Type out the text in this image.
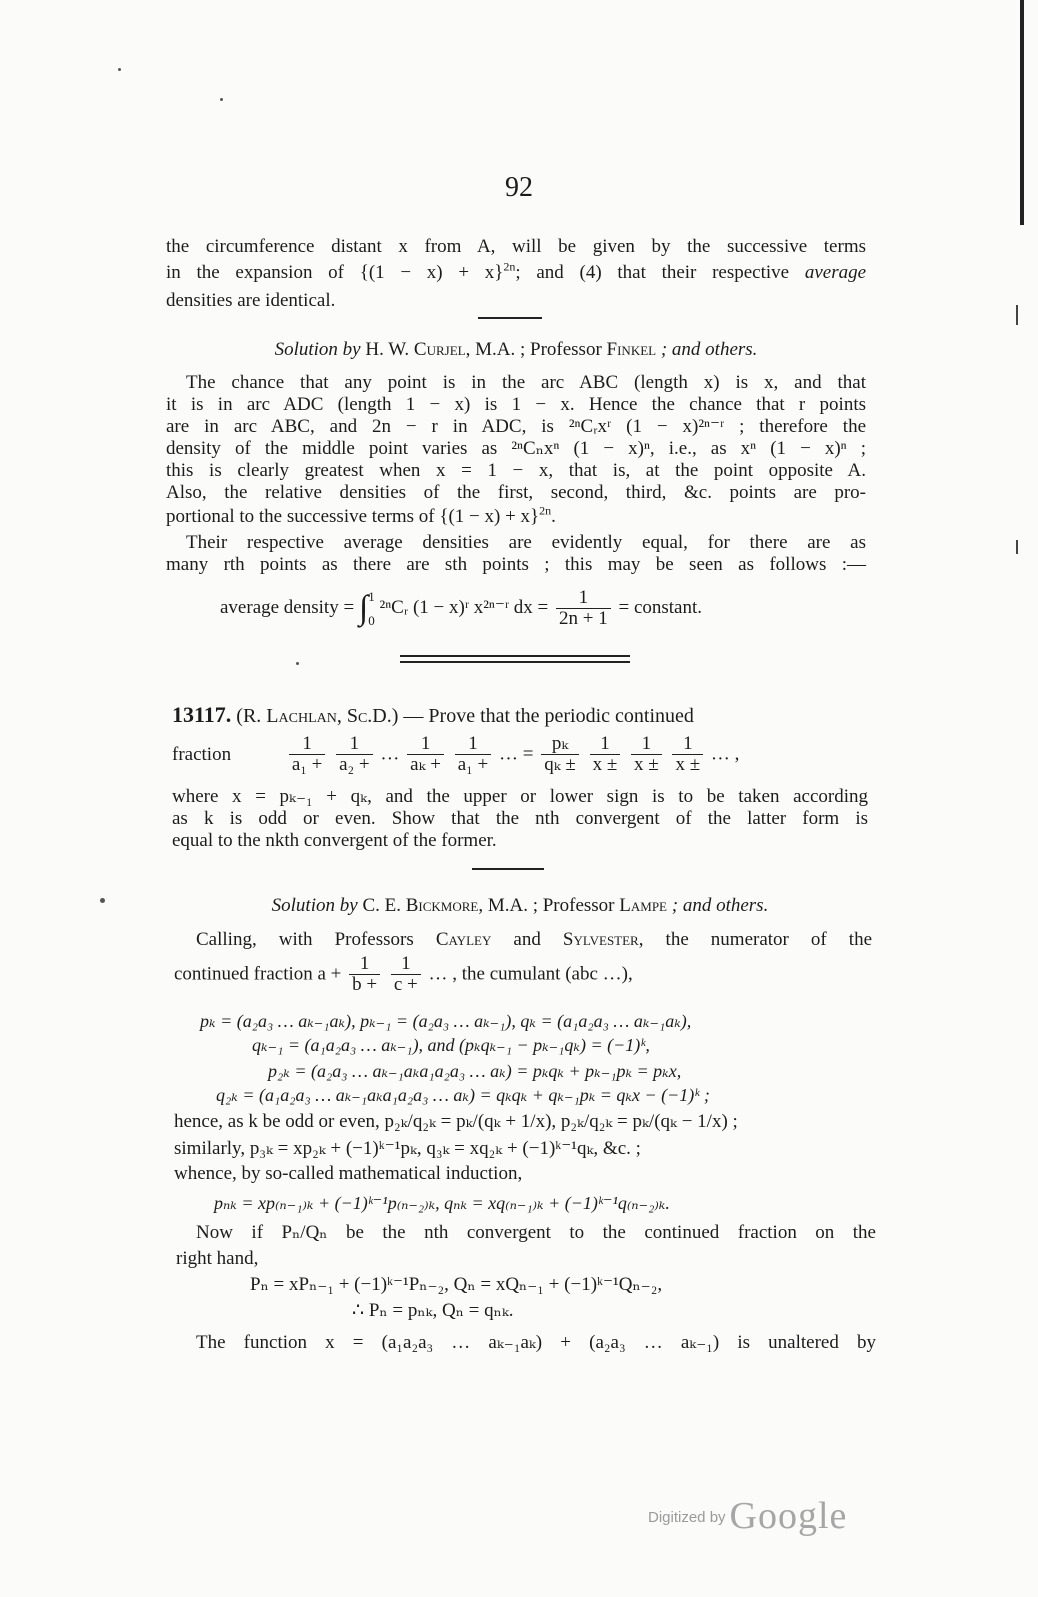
92
the circumference distant x from A, will be given by the successive terms
in the expansion of $\{(1 - x) + x\}^{2n}$; and (4) that their respective average
densities are identical.
Solution by H. W. Curjel, M.A. ; Professor Finkel ; and others.
The chance that any point is in the arc ABC (length x) is x, and that
it is in arc ADC (length 1 − x) is 1 − x. Hence the chance that r points
are in arc ABC, and 2n − r in ADC, is ²ⁿCᵣxʳ (1 − x)²ⁿ⁻ʳ ; therefore the
density of the middle point varies as ²ⁿCₙxⁿ (1 − x)ⁿ, i.e., as xⁿ (1 − x)ⁿ ;
this is clearly greatest when x = 1 − x, that is, at the point opposite A.
Also, the relative densities of the first, second, third, &c. points are pro-
portional to the successive terms of $\{(1 - x) + x\}^{2n}$.
Their respective average densities are evidently equal, for there are as
many rth points as there are sth points ; this may be seen as follows :—
average density = ∫ 1
0
²ⁿCᵣ (1 − x)ʳ x²ⁿ⁻ʳ dx = $\frac{1}{2n + 1}$ = constant.
13117. (R. Lachlan, Sc.D.) — Prove that the periodic continued
fraction	$\frac{1}{\text{a₁ +}}$
$\frac{1}{\text{a₂ +}}$ … $\frac{1}{\text{aₖ +}}$
$\frac{1}{\text{a₁ +}}$ … = $\frac{\text{pₖ}}{\text{qₖ ±}}$
$\frac{1}{x \pm}$
$\frac{1}{x \pm}$
$\frac{1}{x \pm}$ … ,
where x = pₖ₋₁ + qₖ, and the upper or lower sign is to be taken according
as k is odd or even. Show that the nth convergent of the latter form is
equal to the nkth convergent of the former.
Solution by C. E. Bickmore, M.A. ; Professor Lampe ; and others.
Calling, with Professors Cayley and Sylvester, the numerator of the
continued fraction $a + \frac{1}{b +}$
$\frac{1}{c +}$ … , the cumulant (abc …),
pₖ = (a₂a₃ … aₖ₋₁aₖ), pₖ₋₁ = (a₂a₃ … aₖ₋₁), qₖ = (a₁a₂a₃ … aₖ₋₁aₖ),
qₖ₋₁ = (a₁a₂a₃ … aₖ₋₁), and (pₖqₖ₋₁ − pₖ₋₁qₖ) = (−1)ᵏ,
p₂ₖ = (a₂a₃ … aₖ₋₁aₖa₁a₂a₃ … aₖ) = pₖqₖ + pₖ₋₁pₖ = pₖx,
q₂ₖ = (a₁a₂a₃ … aₖ₋₁aₖa₁a₂a₃ … aₖ) = qₖqₖ + qₖ₋₁pₖ = qₖx − (−1)ᵏ ;
hence, as k be odd or even, p₂ₖ/q₂ₖ = pₖ/(qₖ + 1/x), p₂ₖ/q₂ₖ = pₖ/(qₖ − 1/x) ;
similarly, p₃ₖ = xp₂ₖ + (−1)ᵏ⁻¹pₖ, q₃ₖ = xq₂ₖ + (−1)ᵏ⁻¹qₖ, &c. ;
whence, by so-called mathematical induction,
pₙₖ = xp₍ₙ₋₁₎ₖ + (−1)ᵏ⁻¹p₍ₙ₋₂₎ₖ, qₙₖ = xq₍ₙ₋₁₎ₖ + (−1)ᵏ⁻¹q₍ₙ₋₂₎ₖ.
Now if Pₙ/Qₙ be the nth convergent to the continued fraction on the
right hand,
Pₙ = xPₙ₋₁ + (−1)ᵏ⁻¹Pₙ₋₂, Qₙ = xQₙ₋₁ + (−1)ᵏ⁻¹Qₙ₋₂,
∴ Pₙ = pₙₖ, Qₙ = qₙₖ.
The function x = (a₁a₂a₃ … aₖ₋₁aₖ) + (a₂a₃ … aₖ₋₁) is unaltered by
Digitized by Google
